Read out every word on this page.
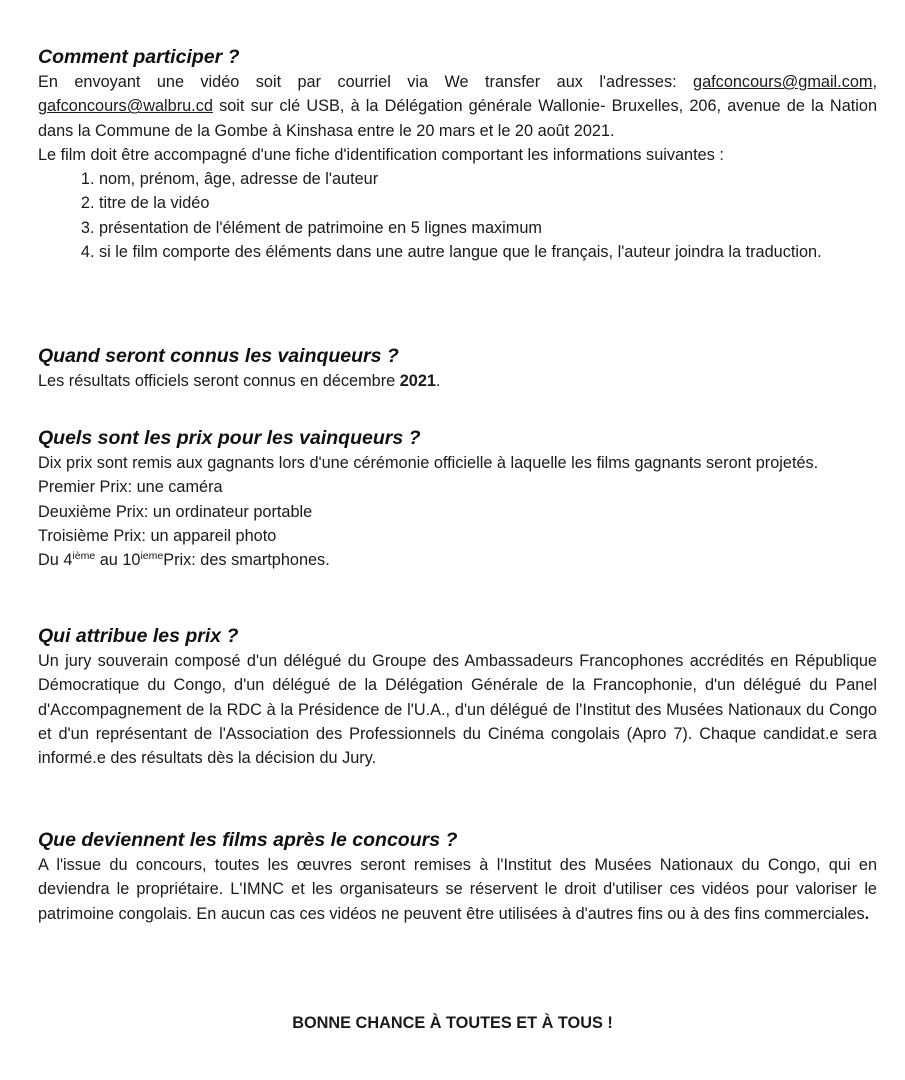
Comment participer ?

En envoyant une vidéo soit par courriel via We transfer aux l'adresses: gafconcours@gmail.com, gafconcours@walbru.cd soit sur clé USB, à la Délégation générale Wallonie- Bruxelles, 206, avenue de la Nation dans la Commune de la Gombe à Kinshasa entre le 20 mars et le 20 août 2021.

Le film doit être accompagné d'une fiche d'identification comportant les informations suivantes :

1. nom, prénom, âge, adresse de l'auteur
2. titre de la vidéo
3. présentation de l'élément de patrimoine en 5 lignes maximum
4. si le film comporte des éléments dans une autre langue que le français, l'auteur joindra la traduction.
Quand seront connus les vainqueurs ?

Les résultats officiels seront connus en décembre 2021.

Quels sont les prix pour les vainqueurs ?

Dix prix sont remis aux gagnants lors d'une cérémonie officielle à laquelle les films gagnants seront projetés.

Premier Prix: une caméra

Deuxième Prix: un ordinateur portable

Troisième Prix: un appareil photo

Du 4ième au 10iemePrix: des smartphones.

Qui attribue les prix ?

Un jury souverain composé d'un délégué du Groupe des Ambassadeurs Francophones accrédités en République Démocratique du Congo, d'un délégué de la Délégation Générale de la Francophonie, d'un délégué du Panel d'Accompagnement de la RDC à la Présidence de l'U.A., d'un délégué de l'Institut des Musées Nationaux du Congo et d'un représentant de l'Association des Professionnels du Cinéma congolais (Apro 7). Chaque candidat.e sera informé.e des résultats dès la décision du Jury.

Que deviennent les films après le concours ?

A l'issue du concours, toutes les œuvres seront remises à l'Institut des Musées Nationaux du Congo, qui en deviendra le propriétaire. L'IMNC et les organisateurs se réservent le droit d'utiliser ces vidéos pour valoriser le patrimoine congolais. En aucun cas ces vidéos ne peuvent être utilisées à d'autres fins ou à des fins commerciales.

BONNE CHANCE À TOUTES ET À TOUS !
